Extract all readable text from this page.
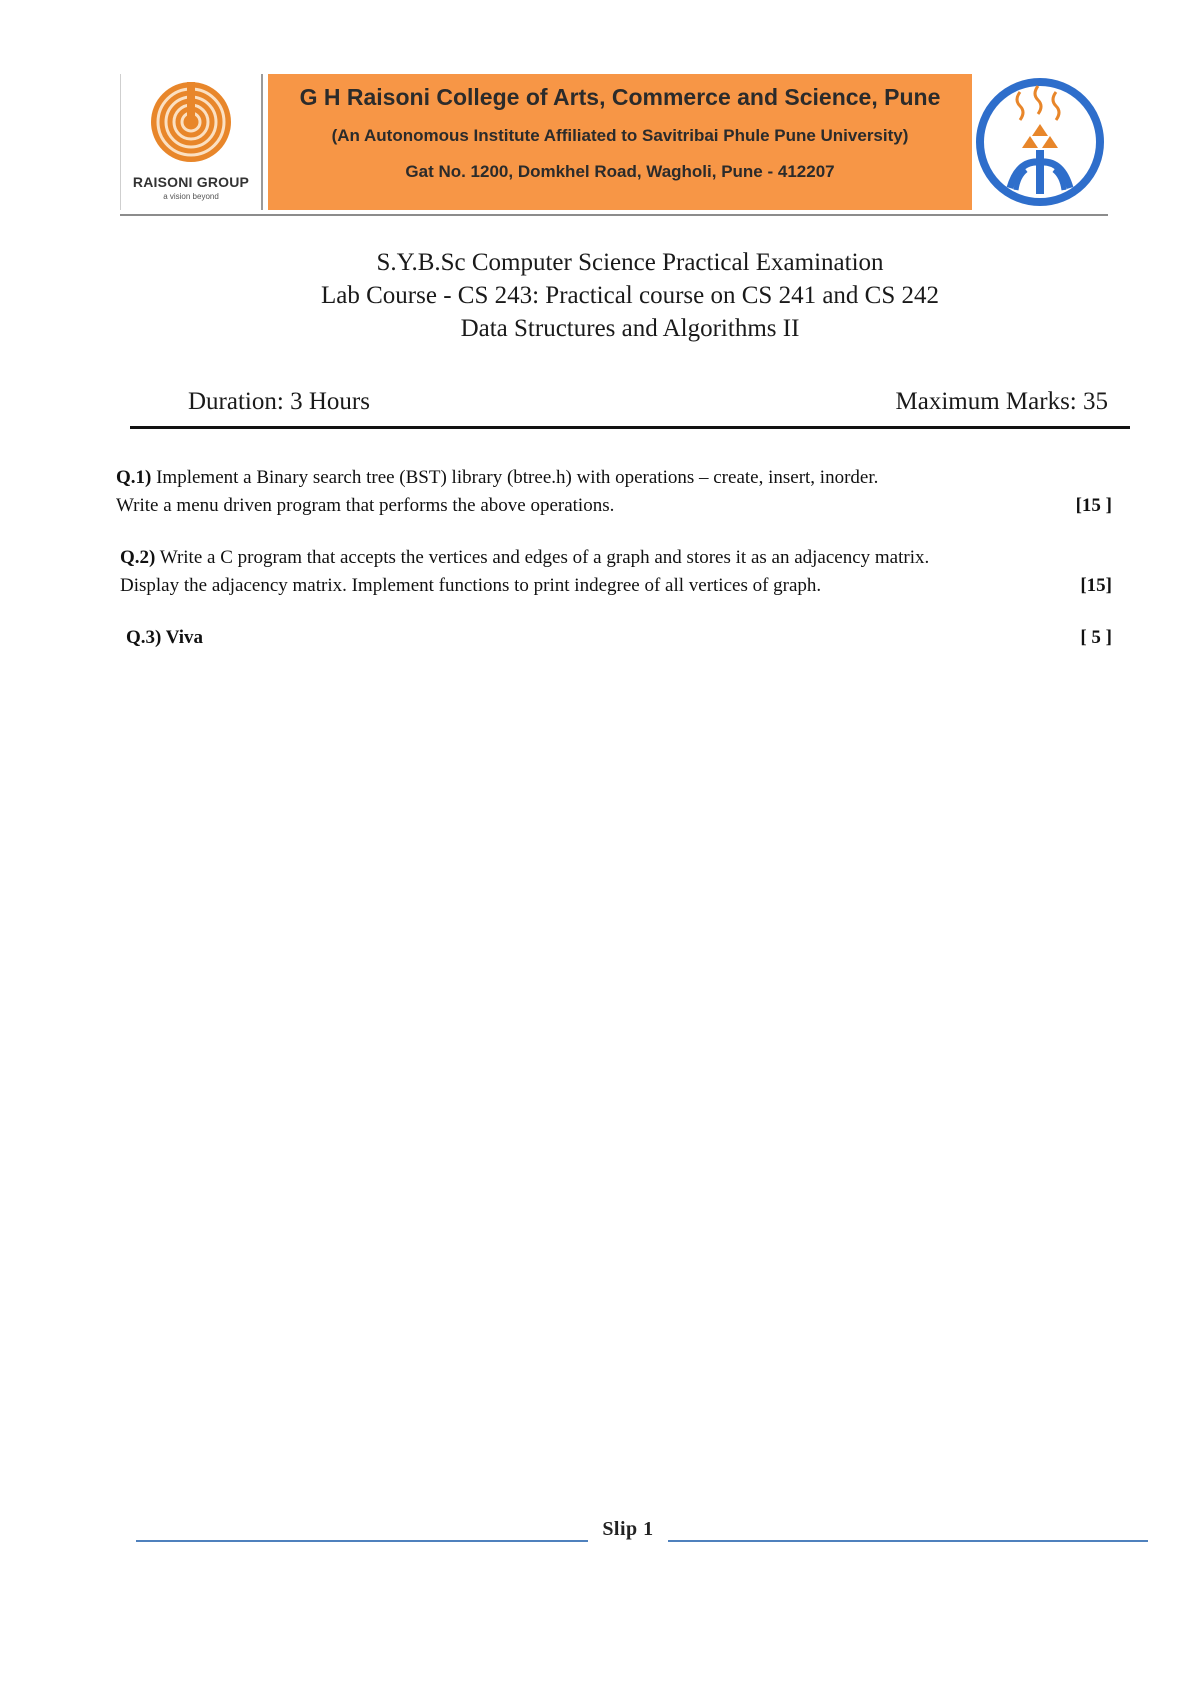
RAISONI GROUP
a vision beyond
G H Raisoni College of Arts, Commerce and Science, Pune
(An Autonomous Institute Affiliated to Savitribai Phule Pune University)
Gat No. 1200, Domkhel Road, Wagholi, Pune - 412207
S.Y.B.Sc Computer Science Practical Examination
Lab Course - CS 243: Practical course on CS 241 and CS 242
Data Structures and Algorithms II
Duration: 3 Hours	Maximum Marks: 35
Q.1) Implement a Binary search tree (BST) library (btree.h) with operations – create, insert, inorder.
Write a menu driven program that performs the above operations.	[15 ]
Q.2) Write a C program that accepts the vertices and edges of a graph and stores it as an adjacency matrix.
Display the adjacency matrix. Implement functions to print indegree of all vertices of graph.	[15]
Q.3) Viva	[ 5 ]
Slip 1
